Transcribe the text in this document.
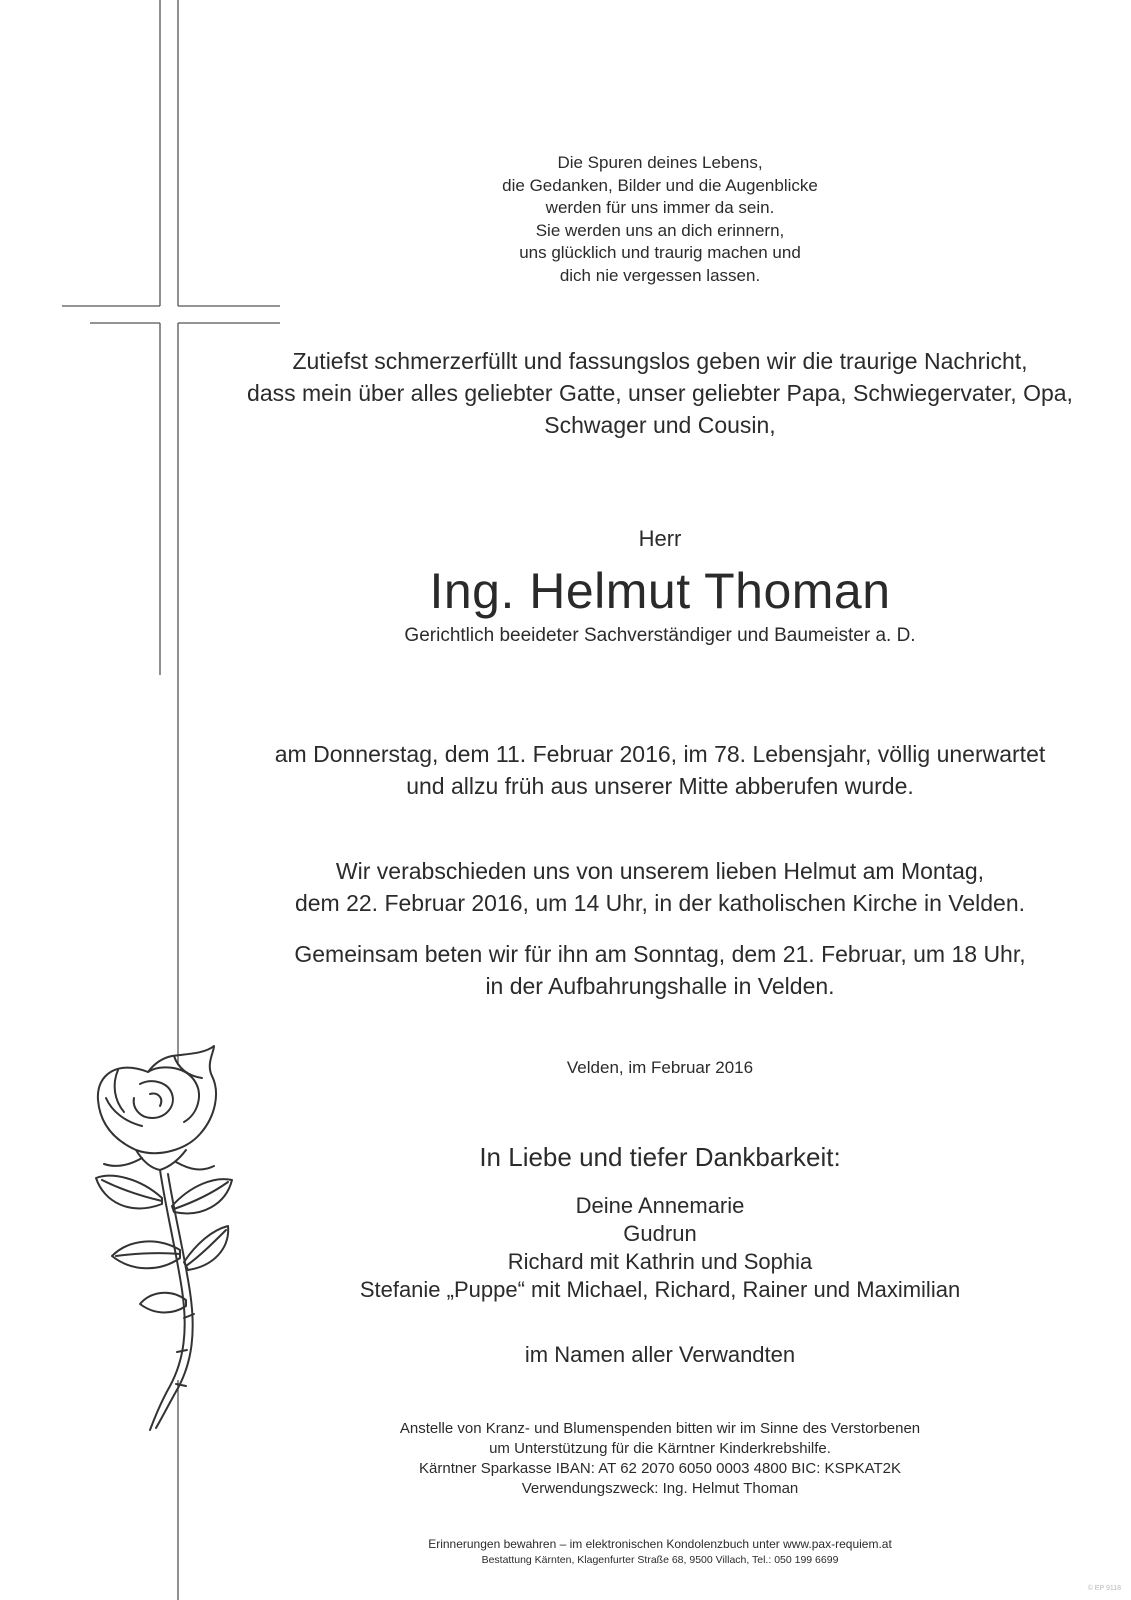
Die Spuren deines Lebens,
die Gedanken, Bilder und die Augenblicke
werden für uns immer da sein.
Sie werden uns an dich erinnern,
uns glücklich und traurig machen und
dich nie vergessen lassen.
Zutiefst schmerzerfüllt und fassungslos geben wir die traurige Nachricht,
dass mein über alles geliebter Gatte, unser geliebter Papa, Schwiegervater, Opa,
Schwager und Cousin,

Herr

Ing. Helmut Thoman

Gerichtlich beeideter Sachverständiger und Baumeister a. D.

am Donnerstag, dem 11. Februar 2016, im 78. Lebensjahr, völlig unerwartet
und allzu früh aus unserer Mitte abberufen wurde.
Wir verabschieden uns von unserem lieben Helmut am Montag,
dem 22. Februar 2016, um 14 Uhr, in der katholischen Kirche in Velden.
Gemeinsam beten wir für ihn am Sonntag, dem 21. Februar, um 18 Uhr,
in der Aufbahrungshalle in Velden.

Velden, im Februar 2016

In Liebe und tiefer Dankbarkeit:

Deine Annemarie
Gudrun
Richard mit Kathrin und Sophia
Stefanie „Puppe“ mit Michael, Richard, Rainer und Maximilian

im Namen aller Verwandten

Anstelle von Kranz- und Blumenspenden bitten wir im Sinne des Verstorbenen
um Unterstützung für die Kärntner Kinderkrebshilfe.
Kärntner Sparkasse IBAN: AT 62 2070 6050 0003 4800 BIC: KSPKAT2K
Verwendungszweck: Ing. Helmut Thoman

Erinnerungen bewahren – im elektronischen Kondolenzbuch unter www.pax-requiem.at

Bestattung Kärnten, Klagenfurter Straße 68, 9500 Villach, Tel.: 050 199 6699

© EP 9118
